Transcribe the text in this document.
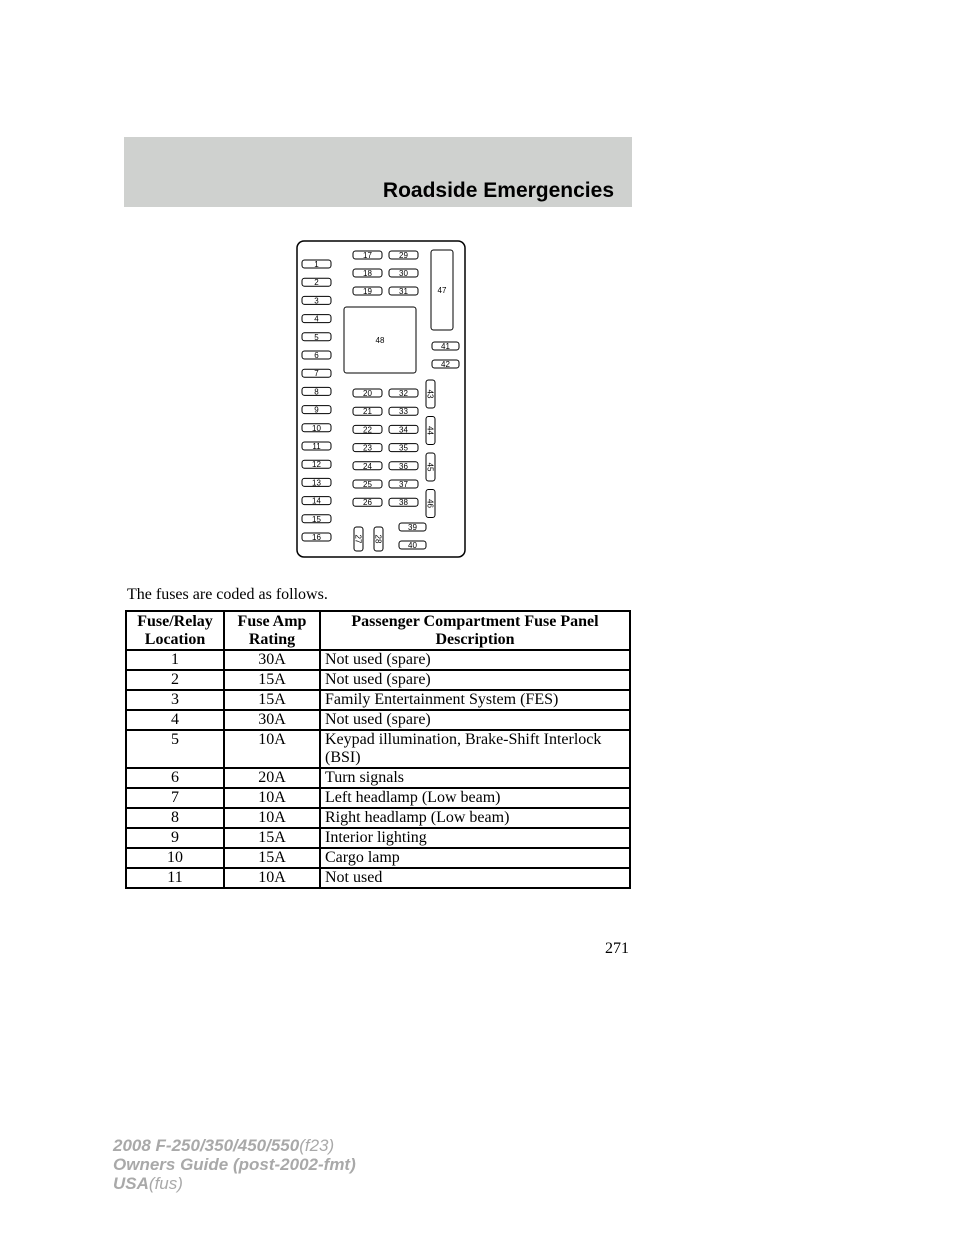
Roadside Emergencies
1
2
3
4
5
6
7
8
9
10
11
12
13
14
15
16
17
18
19
29
30
31	47
48
41
42
20
21
22
23
24
25
26
32
33
34
35
36
37
38
43
44
45
46
27 28
39
40
The fuses are coded as follows.
Fuse/Relay Location	Fuse Amp Rating	Passenger Compartment Fuse Panel Description
1	30A	Not used (spare)
2	15A	Not used (spare)
3	15A	Family Entertainment System (FES)
4	30A	Not used (spare)
5	10A	Keypad illumination, Brake-Shift Interlock (BSI)
6	20A	Turn signals
7	10A	Left headlamp (Low beam)
8	10A	Right headlamp (Low beam)
9	15A	Interior lighting
10	15A	Cargo lamp
11	10A	Not used
271
2008 F-250/350/450/550(f23)
Owners Guide (post-2002-fmt)
USA(fus)
